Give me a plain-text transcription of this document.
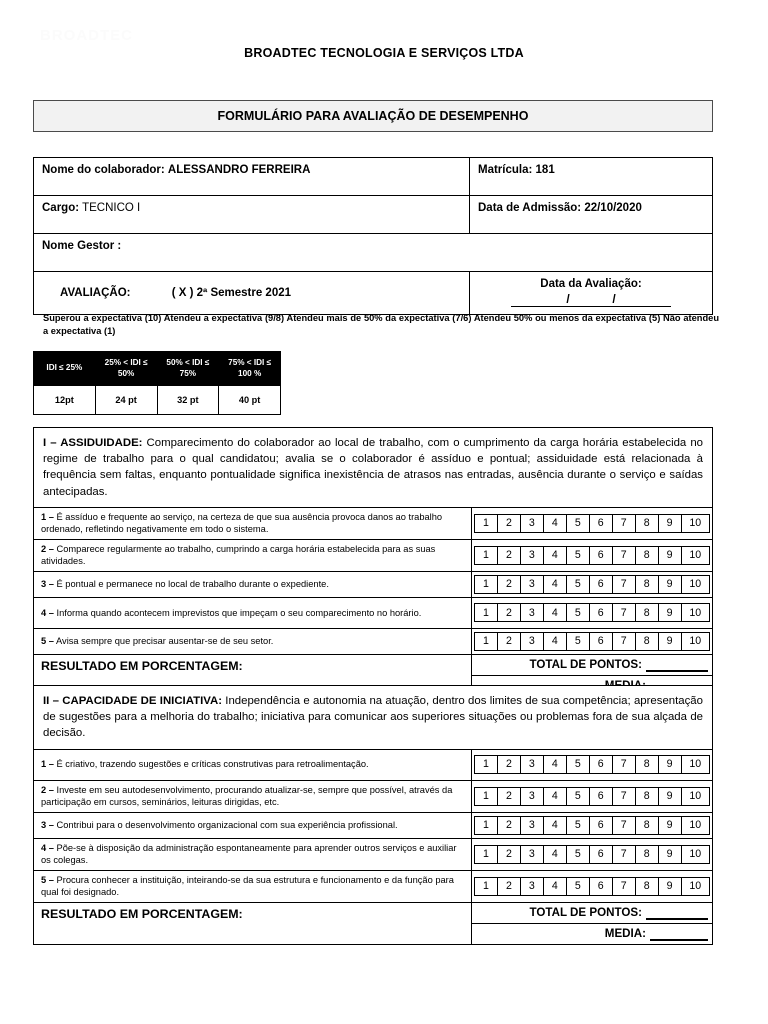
BROADTEC
BROADTEC TECNOLOGIA E SERVIÇOS LTDA
FORMULÁRIO PARA AVALIAÇÃO DE DESEMPENHO
Nome do colaborador: ALESSANDRO FERREIRA	Matrícula: 181
Cargo: TECNICO I	Data de Admissão: 22/10/2020
Nome Gestor :	
AVALIAÇÃO: ( X ) 2ª Semestre 2021	Data da Avaliação:
/ /
Superou a expectativa (10) Atendeu a expectativa (9/8) Atendeu mais de 50% da expectativa (7/6) Atendeu 50% ou menos da expectativa (5) Não atendeu a expectativa (1)
IDI ≤ 25%	25% < IDI ≤ 50%	50% < IDI ≤ 75%	75% < IDI ≤ 100 %
12pt	24 pt	32 pt	40 pt
I – ASSIDUIDADE: Comparecimento do colaborador ao local de trabalho, com o cumprimento da carga horária estabelecida no regime de trabalho para o qual candidatou; avalia se o colaborador é assíduo e pontual; assiduidade está relacionada à frequência sem faltas, enquanto pontualidade significa inexistência de atrasos nas entradas, ausência durante o serviço e saídas antecipadas.
1 – É assíduo e frequente ao serviço, na certeza de que sua ausência provoca danos ao trabalho ordenado, refletindo negativamente em todo o sistema.
1	2	3	4	5	6	7	8	9	10
2 – Comparece regularmente ao trabalho, cumprindo a carga horária estabelecida para as suas atividades.
1	2	3	4	5	6	7	8	9	10
3 – É pontual e permanece no local de trabalho durante o expediente.	1	2	3	4	5	6	7	8	9	10
4 – Informa quando acontecem imprevistos que impeçam o seu comparecimento no horário.	1	2	3	4	5	6	7	8	9	10
5 – Avisa sempre que precisar ausentar-se de seu setor.	1	2	3	4	5	6	7	8	9	10
RESULTADO EM PORCENTAGEM:	TOTAL DE PONTOS:
II – CAPACIDADE DE INICIATIVA: Independência e autonomia na atuação, dentro dos limites de sua competência; apresentação de sugestões para a melhoria do trabalho; iniciativa para comunicar aos superiores situações ou problemas fora de sua alçada de decisão.
1 – É criativo, trazendo sugestões e críticas construtivas para retroalimentação.	1	2	3	4	5	6	7	8	9	10
2 – Investe em seu autodesenvolvimento, procurando atualizar-se, sempre que possível, através da participação em cursos, seminários, leituras dirigidas, etc.
1	2	3	4	5	6	7	8	9	10
3 – Contribui para o desenvolvimento organizacional com sua experiência profissional.	1	2	3	4	5	6	7	8	9	10
4 – Põe-se à disposição da administração espontaneamente para aprender outros serviços e auxiliar os colegas.
1	2	3	4	5	6	7	8	9	10
5 – Procura conhecer a instituição, inteirando-se da sua estrutura e funcionamento e da função para qual foi designado.
1	2	3	4	5	6	7	8	9	10
RESULTADO EM PORCENTAGEM:	TOTAL DE PONTOS:
MEDIA:
